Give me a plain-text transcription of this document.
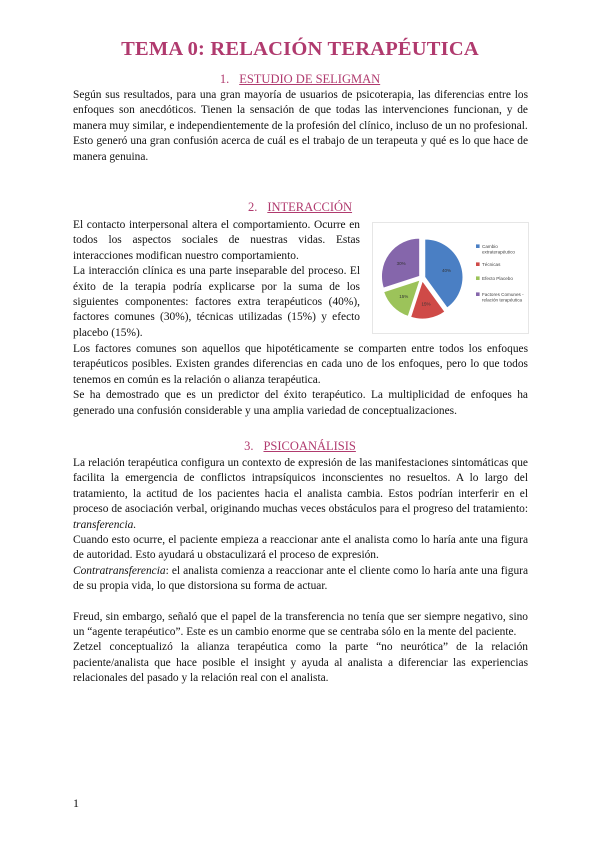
TEMA 0: RELACIÓN TERAPÉUTICA
1. ESTUDIO DE SELIGMAN

Según sus resultados, para una gran mayoría de usuarios de psicoterapia, las diferencias entre los enfoques son anecdóticos. Tienen la sensación de que todas las intervenciones funcionan, y de manera muy similar, e independientemente de la profesión del clínico, incluso de un no profesional.

Esto generó una gran confusión acerca de cuál es el trabajo de un terapeuta y qué es lo que hace de manera genuina.

2. INTERACCIÓN

El contacto interpersonal altera el comportamiento. Ocurre en todos los aspectos sociales de nuestras vidas. Estas interacciones modifican nuestro comportamiento.

La interacción clínica es una parte inseparable del proceso. El éxito de la terapia podría explicarse por la suma de los siguientes componentes: factores extra terapéuticos (40%), factores comunes (30%), técnicas utilizadas (15%) y efecto placebo (15%).

40%
15%
15%
30%
Cambio extraterapéutico
Técnicas
Efecto Placebo
Factores Comunes -relación terapéutica

Los factores comunes son aquellos que hipotéticamente se comparten entre todos los enfoques terapéuticos posibles. Existen grandes diferencias en cada uno de los enfoques, pero lo que todos tenemos en común es la relación o alianza terapéutica.

Se ha demostrado que es un predictor del éxito terapéutico. La multiplicidad de enfoques ha generado una confusión considerable y una amplia variedad de conceptualizaciones.

3. PSICOANÁLISIS

La relación terapéutica configura un contexto de expresión de las manifestaciones sintomáticas que facilita la emergencia de conflictos intrapsíquicos inconscientes no resueltos. A lo largo del tratamiento, la actitud de los pacientes hacia el analista cambia. Estos podrían interferir en el proceso de asociación verbal, originando muchas veces obstáculos para el progreso del tratamiento: transferencia.

Cuando esto ocurre, el paciente empieza a reaccionar ante el analista como lo haría ante una figura de autoridad. Esto ayudará u obstaculizará el proceso de expresión.

Contratransferencia: el analista comienza a reaccionar ante el cliente como lo haría ante una figura de su propia vida, lo que distorsiona su forma de actuar.

Freud, sin embargo, señaló que el papel de la transferencia no tenía que ser siempre negativo, sino un “agente terapéutico”. Este es un cambio enorme que se centraba sólo en la mente del paciente.

Zetzel conceptualizó la alianza terapéutica como la parte “no neurótica” de la relación paciente/analista que hace posible el insight y ayuda al analista a diferenciar las experiencias relacionales del pasado y la relación real con el analista.

1
